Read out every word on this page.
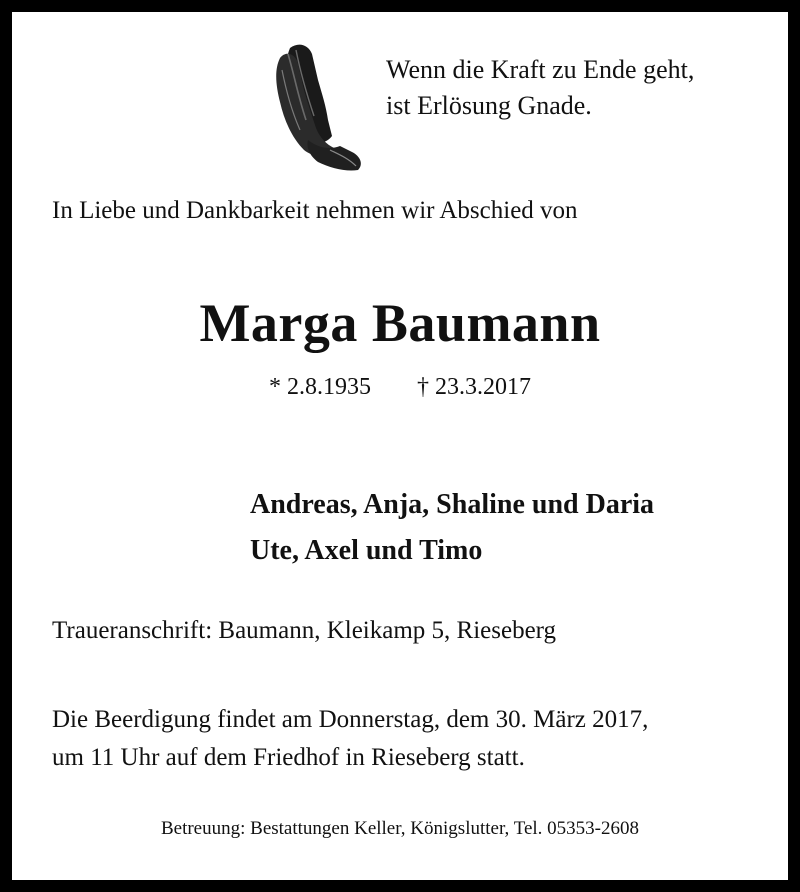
Wenn die Kraft zu Ende geht,
ist Erlösung Gnade.
In Liebe und Dankbarkeit nehmen wir Abschied von
Marga Baumann
* 2.8.1935 † 23.3.2017
Andreas, Anja, Shaline und Daria
Ute, Axel und Timo
Traueranschrift: Baumann, Kleikamp 5, Rieseberg
Die Beerdigung findet am Donnerstag, dem 30. März 2017,
um 11 Uhr auf dem Friedhof in Rieseberg statt.
Betreuung: Bestattungen Keller, Königslutter, Tel. 05353-2608
